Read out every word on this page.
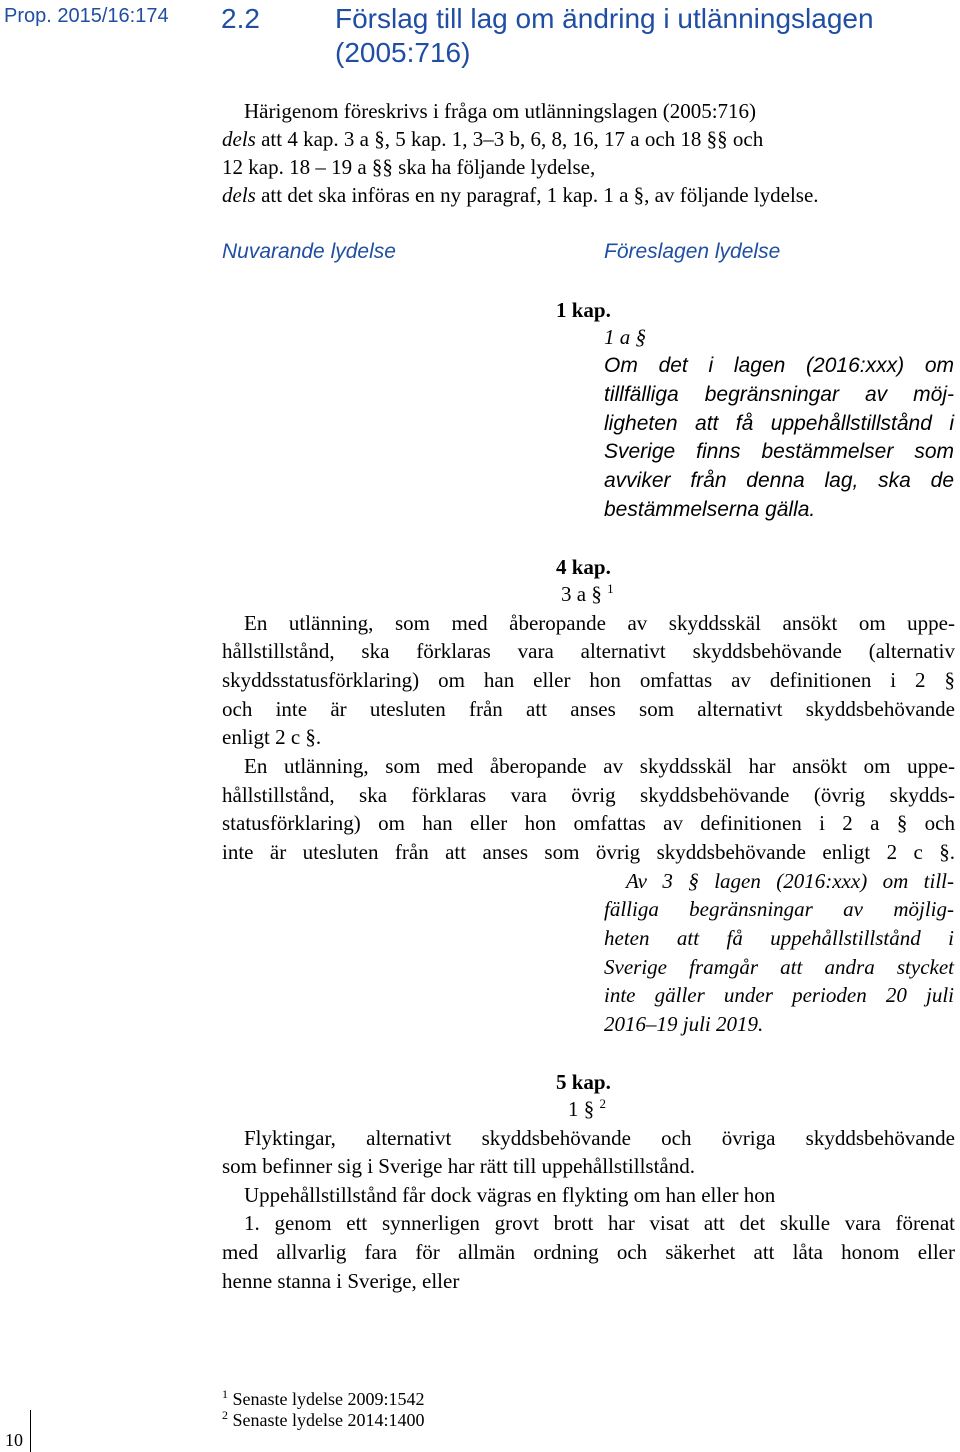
Prop. 2015/16:174 2.2	Förslag till lag om ändring i utlänningslagen
(2005:716)
Härigenom föreskrivs i fråga om utlänningslagen (2005:716)
dels att 4 kap. 3 a §, 5 kap. 1, 3–3 b, 6, 8, 16, 17 a och 18 §§ och
12 kap. 18 – 19 a §§ ska ha följande lydelse,
dels att det ska införas en ny paragraf, 1 kap. 1 a §, av följande lydelse.
Nuvarande lydelse	Föreslagen lydelse
1 kap.
1 a §
Om det i lagen (2016:xxx) om
tillfälliga begränsningar av möj-
ligheten att få uppehållstillstånd i
Sverige finns bestämmelser som
avviker från denna lag, ska de
bestämmelserna gälla.
4 kap.
3 a § $^1$
En utlänning, som med åberopande av skyddsskäl ansökt om uppe-
hållstillstånd, ska förklaras vara alternativt skyddsbehövande (alternativ
skyddsstatusförklaring) om han eller hon omfattas av definitionen i 2 §
och inte är utesluten från att anses som alternativt skyddsbehövande
enligt 2 c §.
En utlänning, som med åberopande av skyddsskäl har ansökt om uppe-
hållstillstånd, ska förklaras vara övrig skyddsbehövande (övrig skydds-
statusförklaring) om han eller hon omfattas av definitionen i 2 a § och
inte är utesluten från att anses som övrig skyddsbehövande enligt 2 c §.
Av 3 § lagen (2016:xxx) om till-
fälliga begränsningar av möjlig-
heten att få uppehållstillstånd i
Sverige framgår att andra stycket
inte gäller under perioden 20 juli
2016–19 juli 2019.
5 kap.
1 § $^2$
Flyktingar, alternativt skyddsbehövande och övriga skyddsbehövande
som befinner sig i Sverige har rätt till uppehållstillstånd.
Uppehållstillstånd får dock vägras en flykting om han eller hon
1. genom ett synnerligen grovt brott har visat att det skulle vara förenat
med allvarlig fara för allmän ordning och säkerhet att låta honom eller
henne stanna i Sverige, eller
$^1$ Senaste lydelse 2009:1542
$^2$ Senaste lydelse 2014:1400
10
